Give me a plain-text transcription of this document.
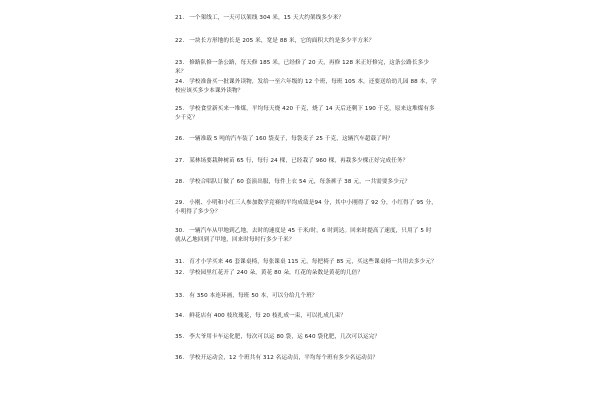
21. 一个架线工，一天可以架线 304 米，15 天大约架线多少米？
22. 一块长方形地的长是 205 米，宽是 88 米，它的面积大约是多少平方米？
23. 修路队修一条公路，每天修 185 米，已经修了 20 天，再修 128 米正好修完，这条公路长多少米？
24. 学校准备买一批课外读物，发给一至六年级的 12 个班，每班 105 本，还要送给幼儿园 88 本，学校应该买多少本课外读物？
25. 学校食堂新买来一堆煤，平均每天烧 420 千克，烧了 14 天后还剩下 190 千克，原来这堆煤有多少千克？
26. 一辆准载 5 吨的汽车装了 160 袋麦子，每袋麦子 25 千克，这辆汽车超载了吗？
27. 某林场要栽种树苗 65 行，每行 24 棵，已经栽了 960 棵，再栽多少棵正好完成任务？
28. 学校合唱队订做了 60 套演出服，每件上衣 54 元，每条裤子 38 元，一共需要多少元？
29. 小刚、小明和小红三人参加数学竞赛的平均成绩是94 分，其中小刚得了 92 分，小红得了 95 分，小明得了多少分？
30. 一辆汽车从甲地到乙地，去时的速度是 45 千米/时，6 时到达。回来时提高了速度，只用了 5 时就从乙地回到了甲地，回来时每时行多少千米？
31. 育才小学买来 46 套课桌椅，每张课桌 115 元，每把椅子 85 元，买这些课桌椅一共用去多少元？
32. 学校园里红花开了 240 朵，黄花 80 朵，红花的朵数是黄花的几倍？
33. 有 350 本连环画，每班 50 本，可以分给几个班？
34. 鲜花店有 400 枝玫瑰花，每 20 枝扎成一束，可以扎成几束？
35. 李大爷用卡车运化肥，每次可以运 80 袋，运 640 袋化肥，几次可以运完？
36. 学校开运动会，12 个班共有 312 名运动员，平均每个班有多少名运动员？
